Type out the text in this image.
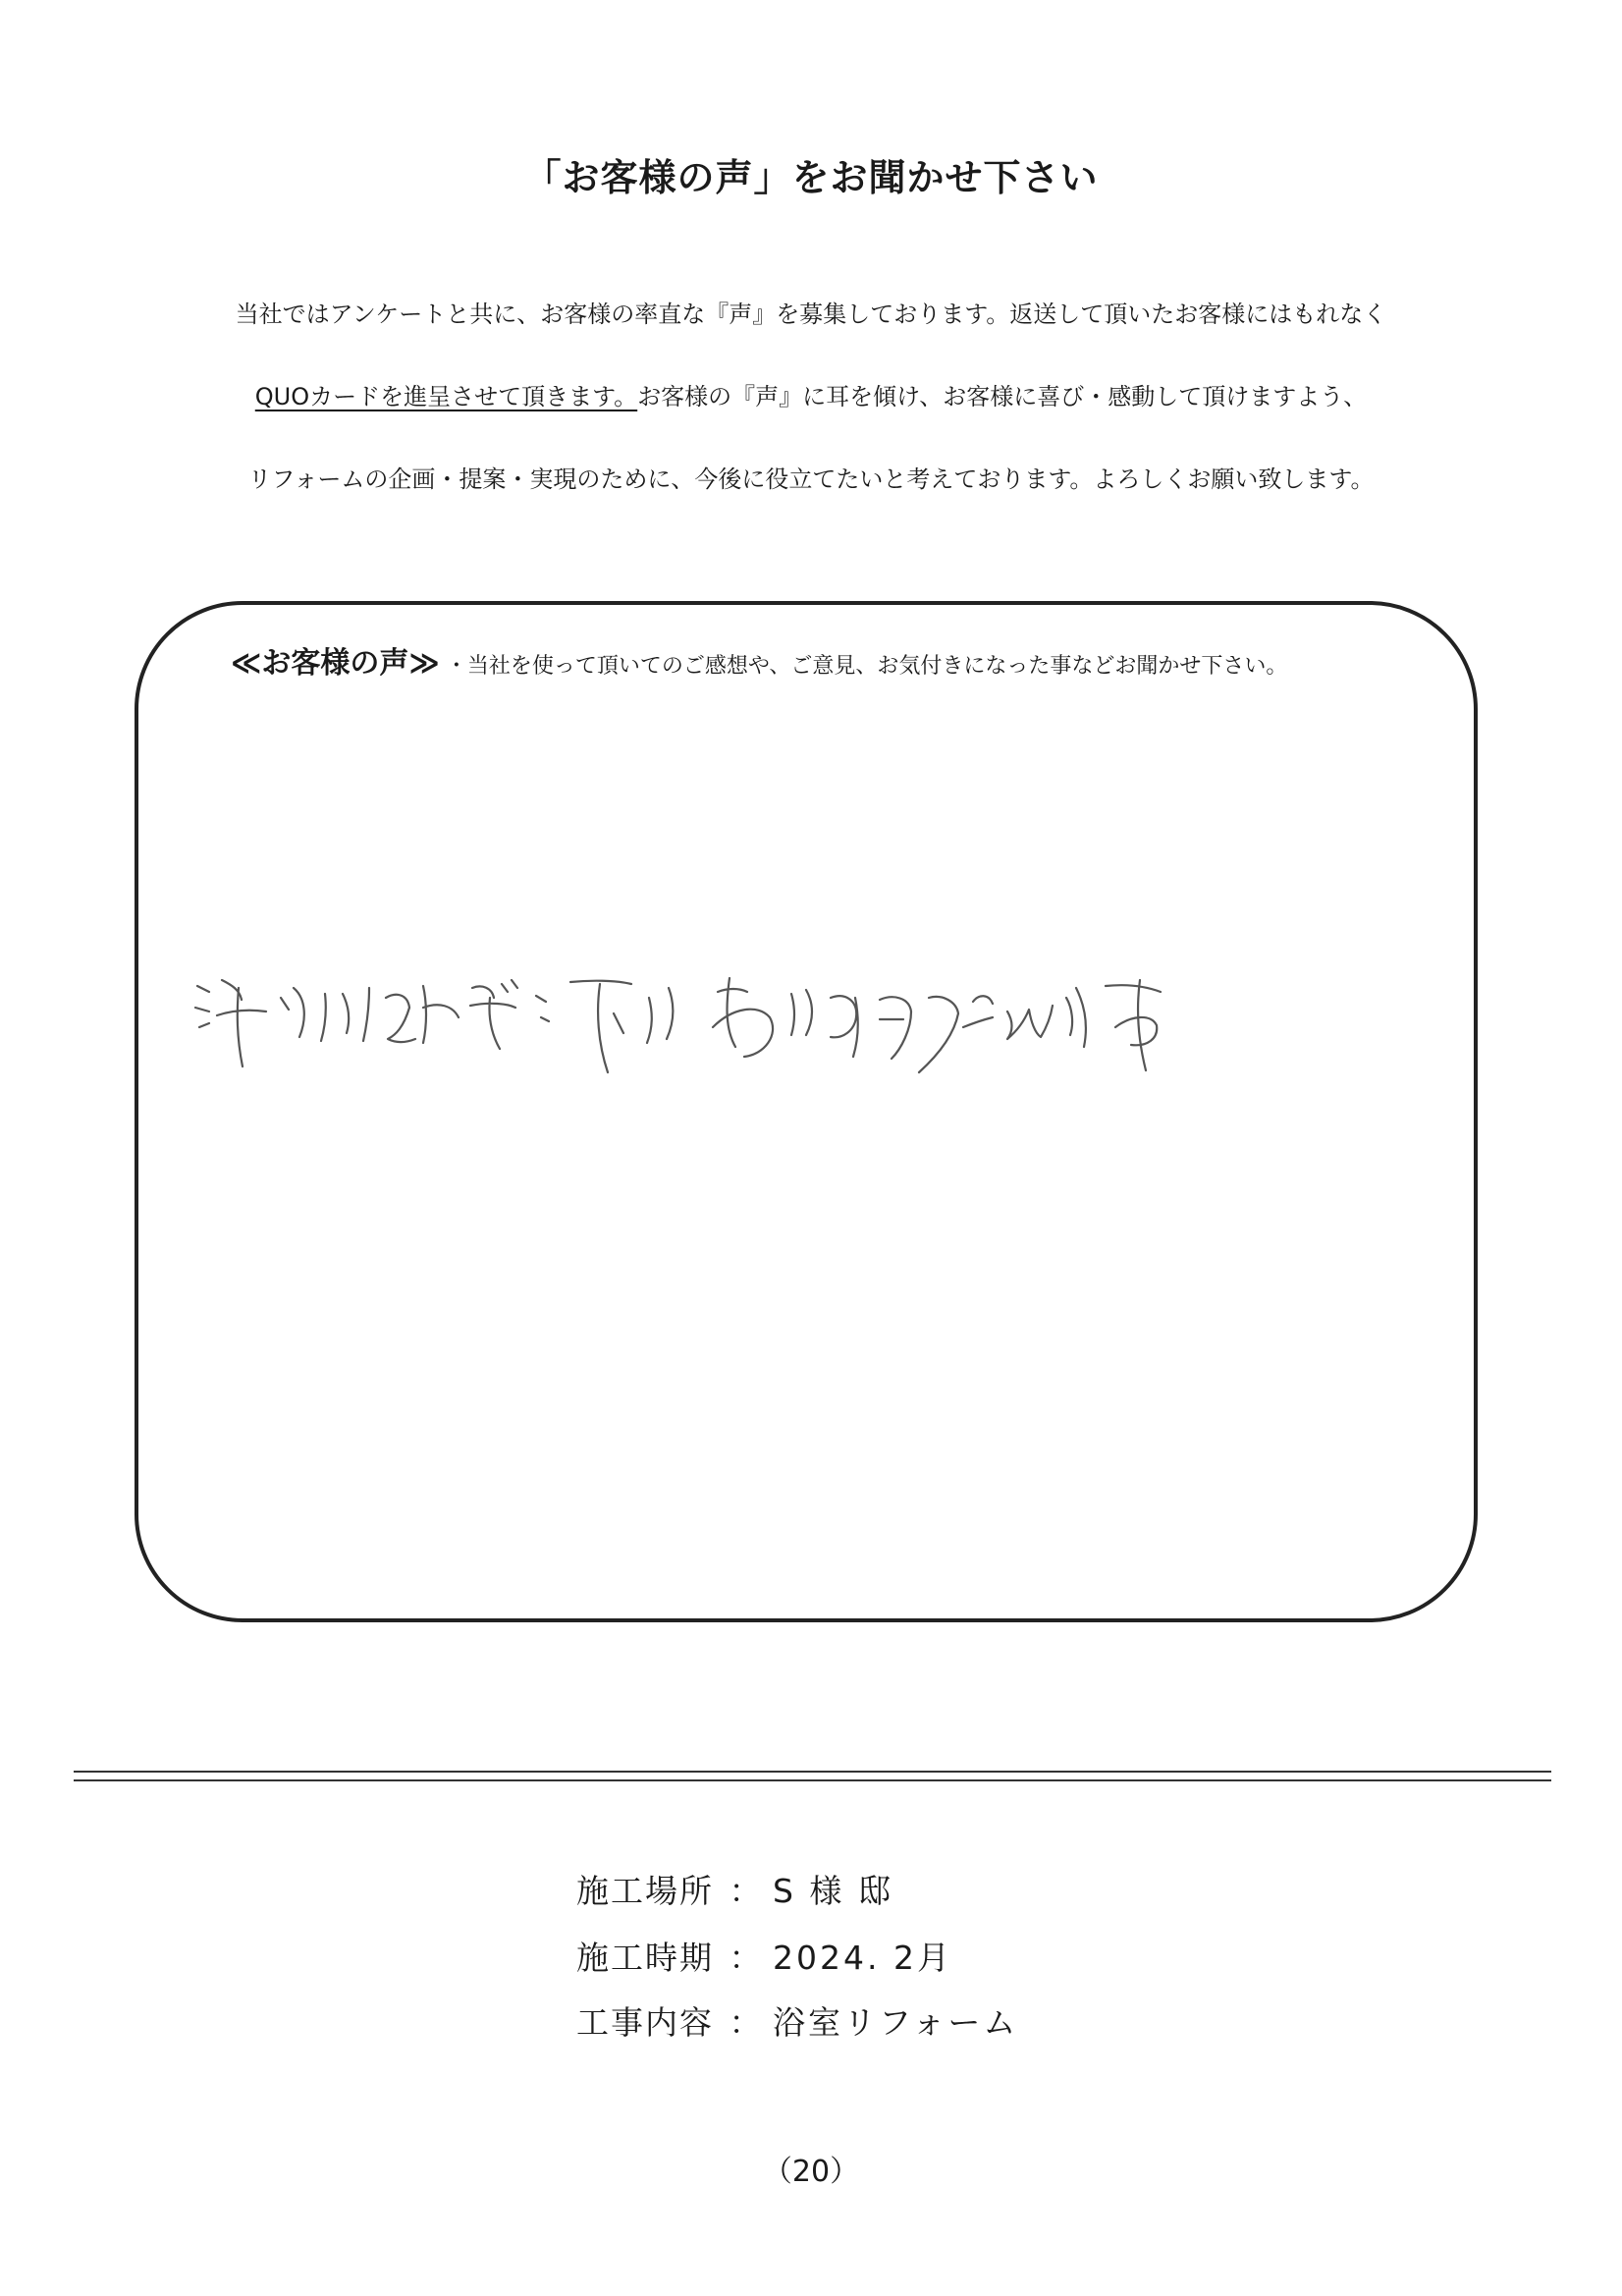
「お客様の声」をお聞かせ下さい
当社ではアンケートと共に、お客様の率直な『声』を募集しております。返送して頂いたお客様にはもれなく
QUOカードを進呈させて頂きます。お客様の『声』に耳を傾け、お客様に喜び・感動して頂けますよう、
リフォームの企画・提案・実現のために、今後に役立てたいと考えております。よろしくお願い致します。
≪お客様の声≫ ・当社を使って頂いてのご感想や、ご意見、お気付きになった事などお聞かせ下さい。
施工場所 ： S 様 邸
施工時期 ： 2024. 2月
工事内容 ： 浴室リフォーム
（20）
